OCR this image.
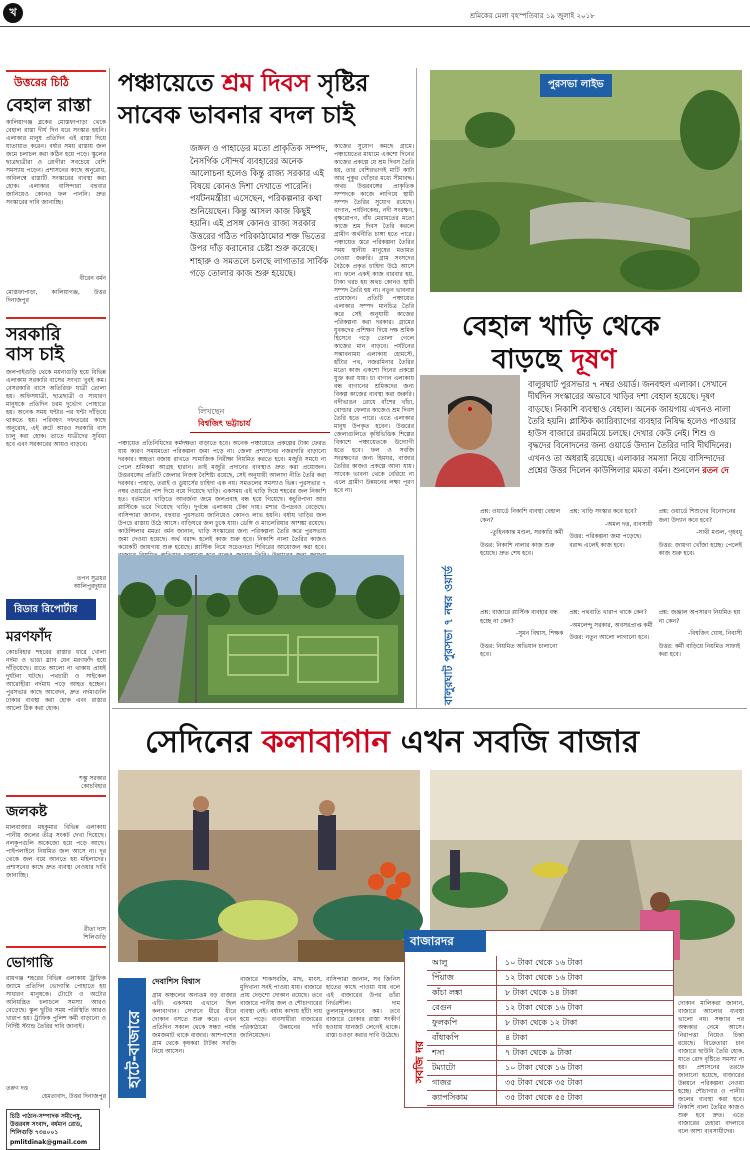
খ	শ্রমিকের মেলা বৃহস্পতিবার ১৯ জুলাই ২০১৮
উত্তরের চিঠি
বেহাল রাস্তা
কালিয়াগঞ্জ ব্লকের মোস্তফাপাড়া থেকে বেহাল রাস্তা দীর্ঘ দিন ধরে সংস্কার হয়নি। এলাকার মানুষ প্রতিদিন এই রাস্তা দিয়ে যাতায়াত করেন। বর্ষার সময় রাস্তায় জল জমে চলাচল করা কঠিন হয়ে পড়ে। স্কুলের ছাত্রছাত্রীরা ও রোগীরা সবচেয়ে বেশি সমস্যায় পড়েন। প্রশাসনের কাছে অনুরোধ, অবিলম্বে রাস্তাটি সংস্কারের ব্যবস্থা করা হোক। এলাকার বাসিন্দারা বহুবার জানিয়েও কোনও ফল পাননি। দ্রুত সংস্কারের দাবি জানাচ্ছি।
বীরেন বর্মন
মোস্তফাপাড়া, কালিয়াগঞ্জ, উত্তর দিনাজপুর
সরকারি বাস চাই
জলপাইগুড়ি থেকে ময়নাগুড়ি হয়ে বিভিন্ন এলাকায় সরকারি বাসের সংখ্যা খুবই কম। বেসরকারি বাসে অতিরিক্ত যাত্রী তোলা হয়। অফিসযাত্রী, ছাত্রছাত্রী ও সাধারণ মানুষকে প্রতিদিন চরম দুর্ভোগ পোহাতে হয়। অনেক সময় ঘন্টার পর ঘন্টা দাঁড়িয়ে থাকতে হয়। পরিবহণ দফতরের কাছে অনুরোধ, এই রুটে আরও সরকারি বাস চালু করা হোক। তাতে যাত্রীদের সুবিধা হবে এবং সরকারের আয়ও বাড়বে।
তপন সুত্রধর
আলিপুরদুয়ার
রিডার রিপোর্টার
মরণফাঁদ
কোচবিহার শহরের রাস্তার ধারে খোলা নর্দমা ও ভাঙা স্ল্যাব যেন মরণফাঁদ হয়ে দাঁড়িয়েছে। রাতে আলো না থাকায় প্রায়ই দুর্ঘটনা ঘটছে। পথচারী ও সাইকেল আরোহীরা নর্দমায় পড়ে আহত হচ্ছেন। পুরসভার কাছে আবেদন, দ্রুত নর্দমাগুলি ঢাকার ব্যবস্থা করা হোক এবং রাস্তার আলো ঠিক করা হোক।
শম্ভু সরকার
কোচবিহার
জলকষ্ট
মালবাজার মহকুমার বিভিন্ন এলাকায় পানীয় জলের তীব্র সংকট দেখা দিয়েছে। নলকূপগুলি অকেজো হয়ে পড়ে আছে। পাইপলাইনে নিয়মিত জল আসে না। দূর থেকে জল বয়ে আনতে হয় মহিলাদের। প্রশাসনের কাছে দ্রুত ব্যবস্থা নেওয়ার দাবি জানাচ্ছি।
রীতা দাস
শিলিগুড়ি
ভোগান্তি
রায়গঞ্জ শহরের বিভিন্ন এলাকায় ট্রাফিক জ্যামে প্রতিদিন ভোগান্তি পোহাতে হয় সাধারণ মানুষকে। টোটো ও অটোর অনিয়ন্ত্রিত চলাচলে সমস্যা আরও বেড়েছে। স্কুল ছুটির সময় পরিস্থিতি আরও খারাপ হয়। ট্রাফিক পুলিশ কর্মী বাড়ানো ও নির্দিষ্ট স্ট্যান্ড তৈরির দাবি জানাই।
তরুণ দত্ত
হেমতাবাদ, উত্তর দিনাজপুর
চিঠি পাঠান-সম্পাদক সমীপেষু, উত্তরবঙ্গ সংবাদ, বর্ধমান রোড, শিলিগুড়ি ৭৩৪০০১
pmlitdinak@gmail.com
পঞ্চায়েতে শ্রম দিবস সৃষ্টির
সাবেক ভাবনার বদল চাই
জঙ্গল ও পাহাড়ের মতো প্রাকৃতিক সম্পদ, নৈসর্গিক সৌন্দর্য ব্যবহারের অনেক আলোচনা হলেও কিন্তু রাজ্য সরকার এই বিষয়ে কোনও দিশা দেখাতে পারেনি। পর্যটনমন্ত্রীরা এসেছেন, পরিকল্পনার কথা শুনিয়েছেন। কিন্তু আসল কাজ কিছুই হয়নি। এই প্রসঙ্গ কোনও রাজ্য সরকার উত্তরের গঠিত পরিকাঠামোর শক্ত ভিতের উপর দাঁড় করানোর চেষ্টা শুরু করেছে। শাহারু ও সমতলে চলছে লাগাতার সার্বিক গড়ে তোলার কাজ শুরু হয়েছে।
লিখছেন
বিশ্বজিৎ ভট্টাচার্য
কাজের সুযোগ কমছে গ্রামে। পঞ্চায়েতের মাধ্যমে একশো দিনের কাজের প্রকল্পে যে শ্রম দিবস তৈরি হয়, তার বেশিরভাগই মাটি কাটা আর পুকুর খোঁড়ার মধ্যে সীমাবদ্ধ। অথচ উত্তরবঙ্গের প্রাকৃতিক সম্পদকে কাজে লাগিয়ে স্থায়ী সম্পদ তৈরির সুযোগ রয়েছে। বাগান, পর্যটনকেন্দ্র, নদী সংরক্ষণ, বৃক্ষরোপণ, বাঁধ মেরামতের মতো কাজে শ্রম দিবস তৈরি করলে গ্রামীণ অর্থনীতি চাঙ্গা হতে পারে। পঞ্চায়েত স্তরে পরিকল্পনা তৈরির সময় স্থানীয় মানুষের মতামত নেওয়া জরুরি। গ্রাম সংসদের বৈঠকে প্রকৃত চাহিদা উঠে আসে না। ফলে একই কাজ বারবার হয়, টাকা খরচ হয় অথচ কোনও স্থায়ী সম্পদ তৈরি হয় না। নতুন ভাবনার প্রয়োজন। প্রতিটি পঞ্চায়েত এলাকার সম্পদ মানচিত্র তৈরি করে সেই অনুযায়ী কাজের পরিকল্পনা করা দরকার। গ্রামের যুবকদের প্রশিক্ষণ দিয়ে দক্ষ শ্রমিক হিসেবে গড়ে তোলা গেলে কাজের মান বাড়বে। পর্যটনের সম্ভাবনাময় এলাকায় হোমস্টে, হাঁটার পথ, নজরমিনার তৈরির মতো কাজ একশো দিনের প্রকল্পে যুক্ত করা যায়। চা বাগান এলাকায় বন্ধ বাগানের শ্রমিকদের জন্য বিকল্প কাজের ব্যবস্থা করা জরুরি। নদীভাঙন রোধে বাঁশের খাঁচা, বোল্ডার ফেলার কাজেও শ্রম দিবস তৈরি হতে পারে। এতে এলাকার মানুষ উপকৃত হবেন। উত্তরের জেলাগুলিতে কৃষিভিত্তিক শিল্পের বিকাশে পঞ্চায়েতকে উদ্যোগী হতে হবে। ফল ও সবজি সংরক্ষণের জন্য হিমঘর, বাজার তৈরির কাজও প্রকল্পে আনা যায়। সাবেক ভাবনা থেকে বেরিয়ে না এলে গ্রামীণ উন্নয়নের লক্ষ্য পূরণ হবে না।
পঞ্চায়েত প্রতিনিধিদের কর্মদক্ষতা বাড়াতে হবে। অনেক পঞ্চায়েতে প্রকল্পের টাকা ফেরত যায় কারণ সময়মতো পরিকল্পনা জমা পড়ে না। জেলা প্রশাসনের নজরদারি বাড়ানো দরকার। স্বচ্ছতা বজায় রাখতে সামাজিক নিরীক্ষা নিয়মিত করতে হবে। মজুরি সময়ে না পেলে শ্রমিকরা আগ্রহ হারান। তাই মজুরি প্রদানের ব্যবস্থাও দ্রুত করা প্রয়োজন। উত্তরবঙ্গের প্রতিটি জেলার নিজস্ব বৈশিষ্ট্য রয়েছে, সেই অনুযায়ী আলাদা নীতি তৈরি করা দরকার। পাহাড়, তরাই ও ডুয়ার্সের চাহিদা এক নয়। সমতলের সমস্যাও ভিন্ন। পুরসভার ৭ নম্বর ওয়ার্ডের পাশ দিয়ে বয়ে গিয়েছে খাড়ি। একসময় এই খাড়ি দিয়ে শহরের জল নিকাশি হত। বর্তমানে খাড়িতে আবর্জনা জমে জলপ্রবাহ বন্ধ হয়ে গিয়েছে। কচুরিপানা আর প্লাস্টিকে ভরে গিয়েছে খাড়ি। দুর্গন্ধে এলাকায় টেকা দায়। মশার উপদ্রবও বেড়েছে। বাসিন্দারা জানান, বহুবার পুরসভায় জানিয়েও কোনও লাভ হয়নি। বর্ষায় খাড়ির জল উপচে রাস্তায় উঠে আসে। বাড়িঘরে জল ঢুকে যায়। ডেঙ্গি ও ম্যালেরিয়ার আশঙ্কা রয়েছে। কাউন্সিলার মমতা বর্মন জানান, খাড়ি সংস্কারের জন্য পরিকল্পনা তৈরি করে পুরসভায় জমা দেওয়া হয়েছে। অর্থ বরাদ্দ হলেই কাজ শুরু হবে। নিকাশি নালা তৈরির কাজও কয়েকটি জায়গায় শুরু হয়েছে। প্লাস্টিক নিয়ে সচেতনতা শিবিরের আয়োজন করা হবে।
পুরসভা লাইভ
বেহাল খাড়ি থেকে
বাড়ছে দূষণ
বালুরঘাট পুরসভার ৭ নম্বর ওয়ার্ড। জনবহুল এলাকা। সেখানে দীর্ঘদিন সংস্কারের অভাবে খাড়ির দশা বেহাল হয়েছে। দূষণ বাড়ছে। নিকাশি ব্যবস্থাও বেহাল। অনেক জায়গায় এখনও নালা তৈরি হয়নি। প্লাস্টিক ক্যারিব্যাগের ব্যবহার নিষিদ্ধ হলেও পাওয়ার হাউস বাজারে রমরমিয়ে চলছে। দেখার কেউ নেই। শিশু ও বৃদ্ধদের বিনোদনের জন্য ওয়ার্ডে উদ্যান তৈরির দাবি দীর্ঘদিনের। এখনও তা অধরাই রয়েছে। এলাকার সমস্যা নিয়ে বাসিন্দাদের প্রশ্নের উত্তর দিলেন কাউন্সিলার মমতা বর্মন। শুনলেন রতন দে
বালুরঘাট পুরসভা ৭ নম্বর ওয়ার্ড

প্রশ্ন: ওয়ার্ডে নিকাশি ব্যবস্থা বেহাল কেন?

-তুহিনকান্ত মণ্ডল, সরকারি কর্মী

উত্তর: নিকাশি নালার কাজ শুরু হয়েছে। দ্রুত শেষ হবে।

প্রশ্ন: খাড়ি সংস্কার কবে হবে?

-অমল দত্ত, ব্যবসায়ী

উত্তর: পরিকল্পনা জমা পড়েছে। বরাদ্দ এলেই কাজ হবে।

প্রশ্ন: ওয়ার্ডে শিশুদের বিনোদনের জন্য উদ্যান কবে হবে?

-সাথী মণ্ডল, গৃহবধূ

উত্তর: জায়গা খোঁজা হচ্ছে। পেলেই কাজ শুরু হবে।

প্রশ্ন: বাজারে প্লাস্টিক ব্যবহার বন্ধ হচ্ছে না কেন?

-সুমন বিশ্বাস, শিক্ষক

উত্তর: নিয়মিত অভিযান চালানো হবে।

প্রশ্ন: পথবাতি খারাপ থাকে কেন?

-অমলেন্দু সরকার, অবসরপ্রাপ্ত কর্মী

উত্তর: নতুন আলো লাগানো হবে।

প্রশ্ন: জঞ্জাল অপসারণ নিয়মিত হয় না কেন?

-বিশ্বজিৎ ঘোষ, নিবাসী

উত্তর: কর্মী বাড়িয়ে নিয়মিত সাফাই করা হবে।

সেদিনের কলাবাগান এখন সবজি বাজার
বাজারদর
সবজি দর
আলু	১০ টাকা থেকে ১৬ টাকা
পিঁয়াজ	১২ টাকা থেকে ১৬ টাকা
কাঁচা লঙ্কা	৮ টাকা থেকে ১৪ টাকা
বেগুন	১২ টাকা থেকে ১৬ টাকা
ফুলকপি	৮ টাকা থেকে ১২ টাকা
বাঁধাকপি	৪ টাকা
শসা	৭ টাকা থেকে ৯ টাকা
টম্যাটো	১০ টাকা থেকে ১৬ টাকা
গাজর	৩৫ টাকা থেকে ৩৫ টাকা
ক্যাপসিকাম	৩৫ টাকা থেকে ৫৫ টাকা
হাটে-বাজারে
দেবাশিস বিশ্বাস
গ্রাম অঞ্চলের অন্যতম বড় বাজার এটি। একসময় এখানে ছিল কলাবাগান। সেখানে ধীরে ধীরে দোকান বসতে শুরু করে। এখন প্রতিদিন সকাল থেকে সন্ধ্যা পর্যন্ত জমজমাট থাকে বাজার। আশপাশের গ্রাম থেকে কৃষকরা টাটকা সবজি নিয়ে আসেন।
বাজারে শাকসবজি, মাছ, মাংস, মুদিখানা সবই পাওয়া যায়। বাজারে প্রায় দেড়শো দোকান রয়েছে। তবে বাজারে পানীয় জল ও শৌচাগারের ব্যবস্থা নেই। বর্ষায় কাদায় হাঁটা দায় হয়ে পড়ে। ব্যবসায়ীরা বাজারের পরিকাঠামো উন্নয়নের দাবি জানিয়েছেন।
বাসিন্দারা জানান, সব জিনিস হাতের কাছে পাওয়া যায় বলে এই বাজারের উপর তাঁরা নির্ভরশীল। দাম তুলনামূলকভাবে কম। তবে বাজারে ঢোকার রাস্তা সংকীর্ণ হওয়ায় যানজট লেগেই থাকে। রাস্তা চওড়া করার দাবি উঠেছে।
দোকান মালিকরা জানান, বাজারে আলোর ব্যবস্থা ভালো নয়। সন্ধ্যার পর অন্ধকার নেমে আসে। নিরাপত্তা নিয়েও চিন্তা রয়েছে। বিক্রেতারা চান বাজারে ছাউনি তৈরি হোক, যাতে রোদ বৃষ্টিতে সমস্যা না হয়। প্রশাসনের তরফে জানানো হয়েছে, বাজারের উন্নয়নে পরিকল্পনা নেওয়া হচ্ছে। শৌচাগার ও পানীয় জলের ব্যবস্থা করা হবে। নিকাশি নালা তৈরির কাজও শুরু হবে দ্রুত। এতে বাজারের চেহারা বদলাবে বলে আশা ব্যবসায়ীদের।
